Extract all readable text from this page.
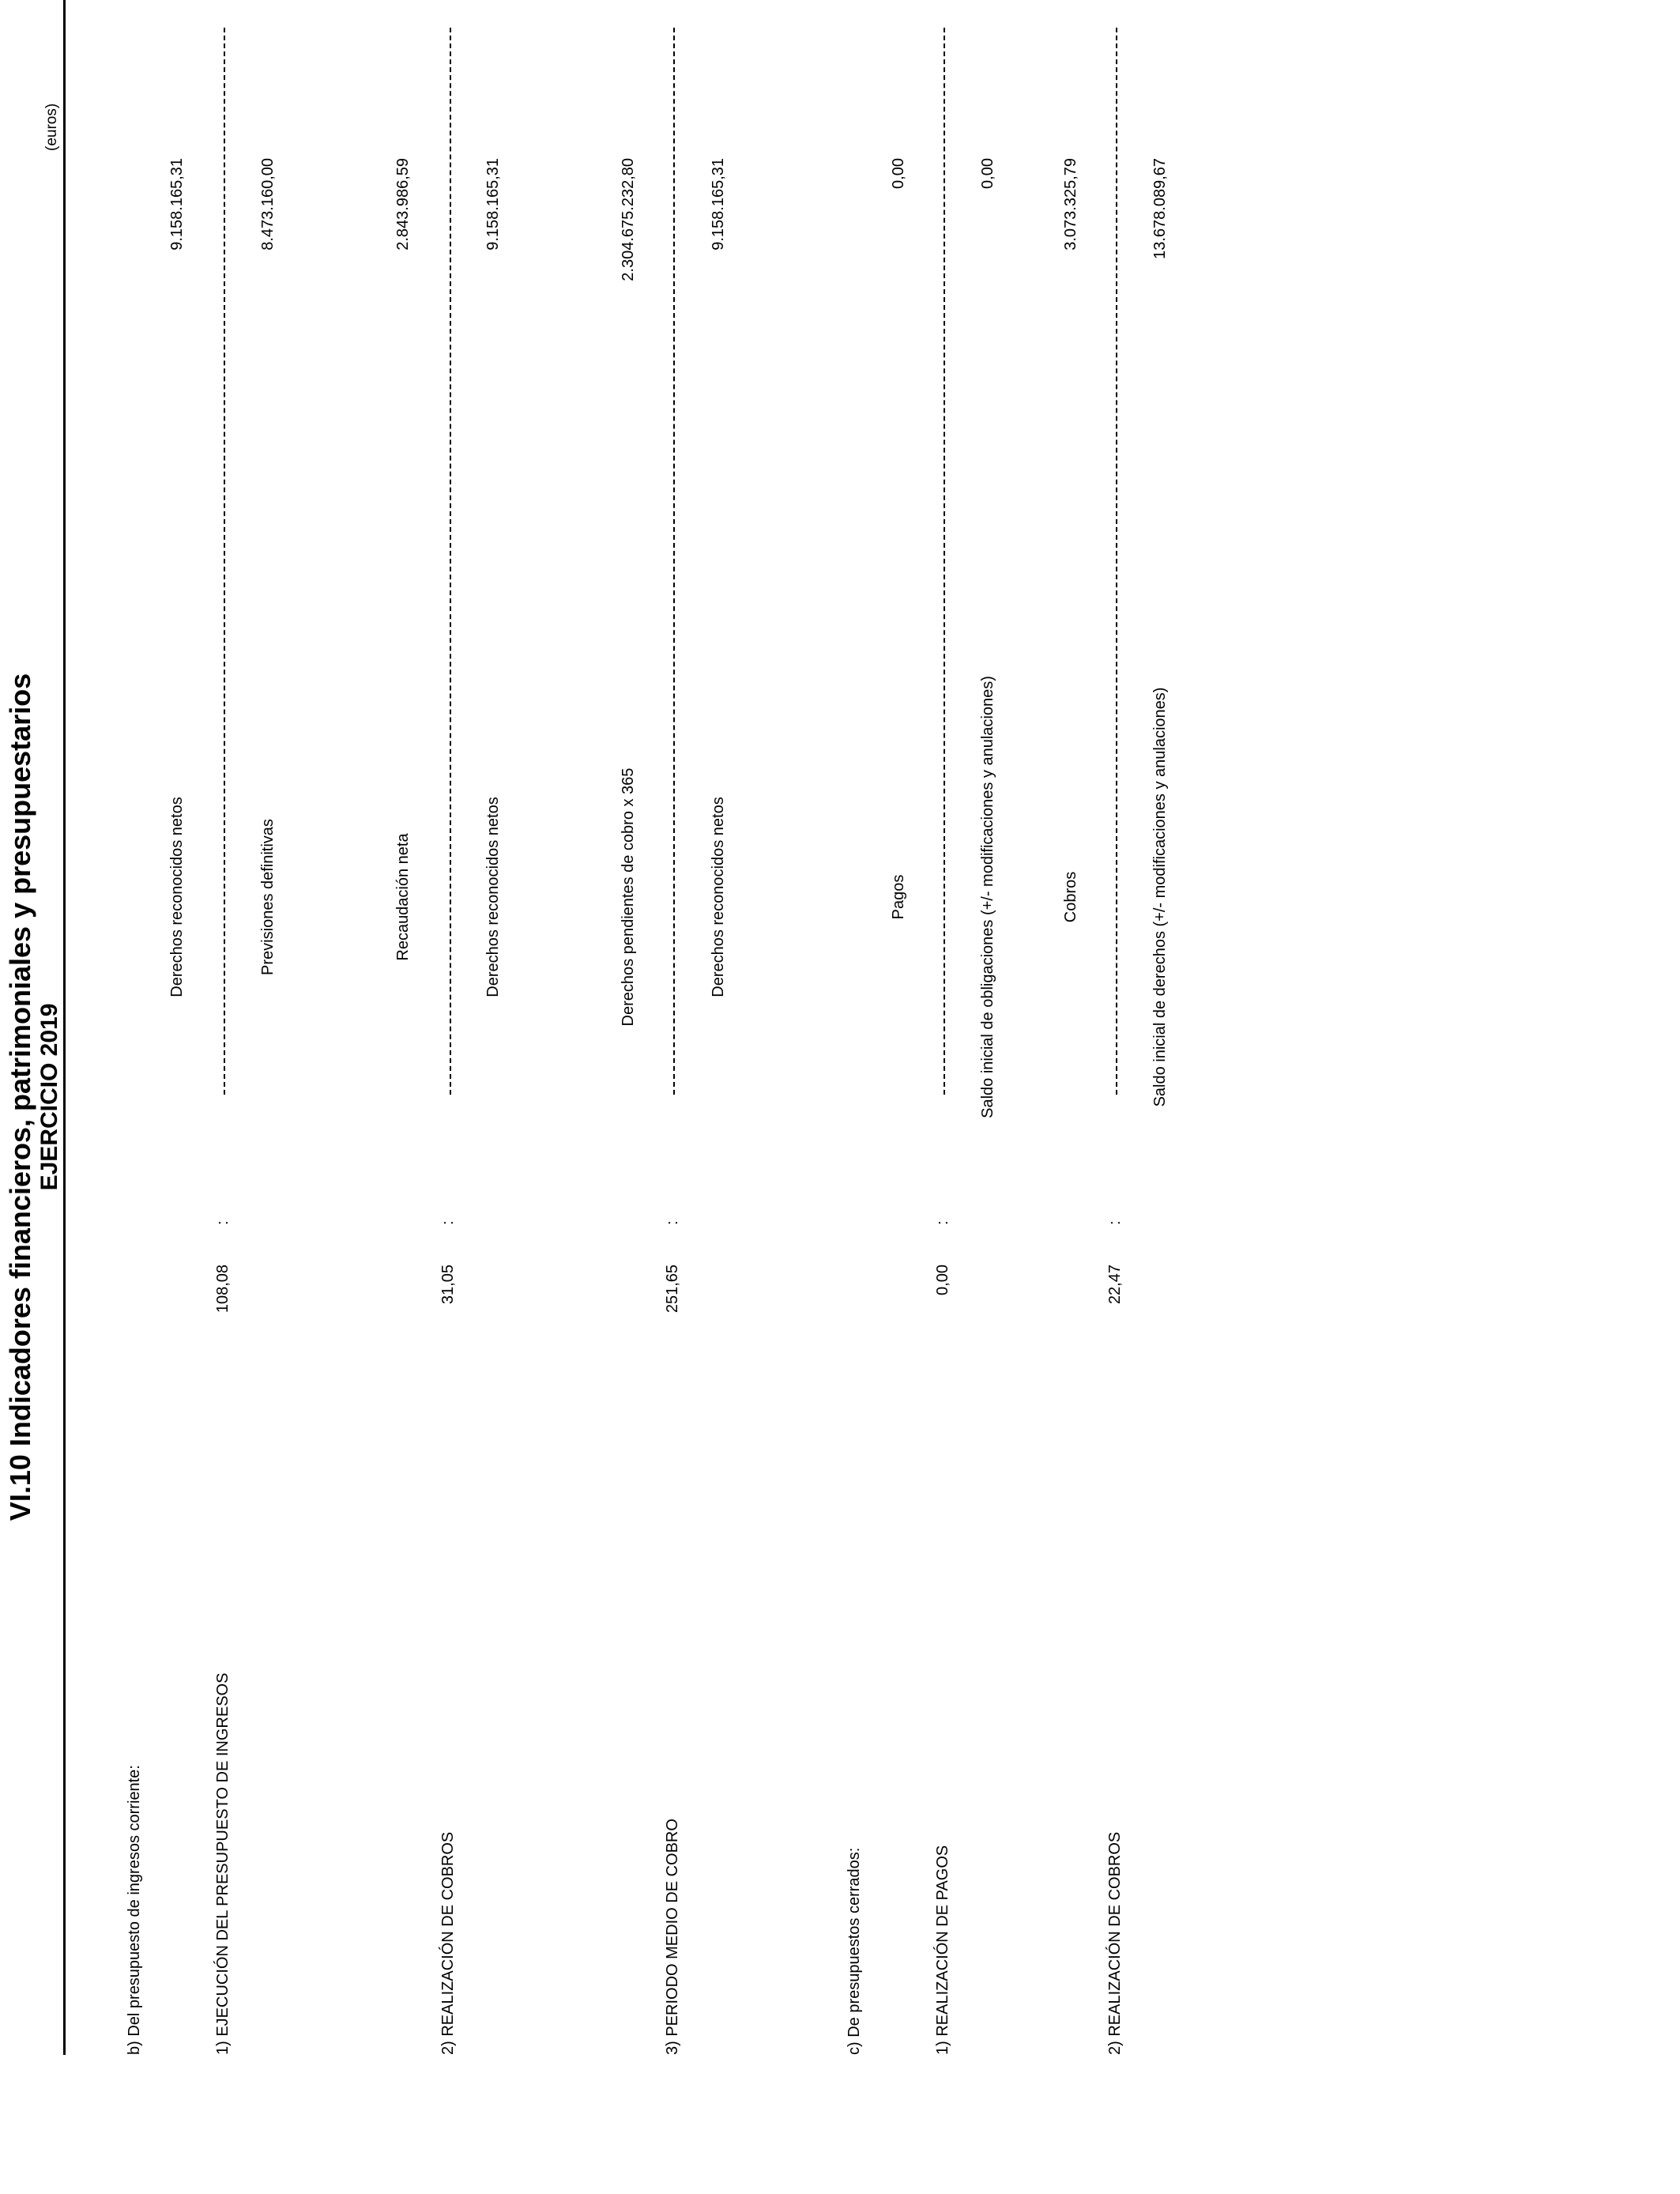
VI.10 Indicadores financieros, patrimoniales y presupuestarios EJERCICIO 2019
(euros)
b) Del presupuesto de ingresos corriente:	1) EJECUCIÓN DEL PRESUPUESTO DE INGRESOS
108,08
:
Derechos reconocidos netos	Previsiones definitivas
9.158.165,31	8.473.160,00
2) REALIZACIÓN DE COBROS
31,05
:
Recaudación neta	Derechos reconocidos netos
2.843.986,59	9.158.165,31
3) PERIODO MEDIO DE COBRO
251,65
:
Derechos pendientes de cobro x 365	Derechos reconocidos netos
2.304.675.232,80	9.158.165,31
c) De presupuestos cerrados:	1) REALIZACIÓN DE PAGOS
0,00
:
Pagos	Saldo inicial de obligaciones (+/- modificaciones y anulaciones)
0,00	0,00
2) REALIZACIÓN DE COBROS
22,47
:
Cobros	Saldo inicial de derechos (+/- modificaciones y anulaciones)
3.073.325,79	13.678.089,67
